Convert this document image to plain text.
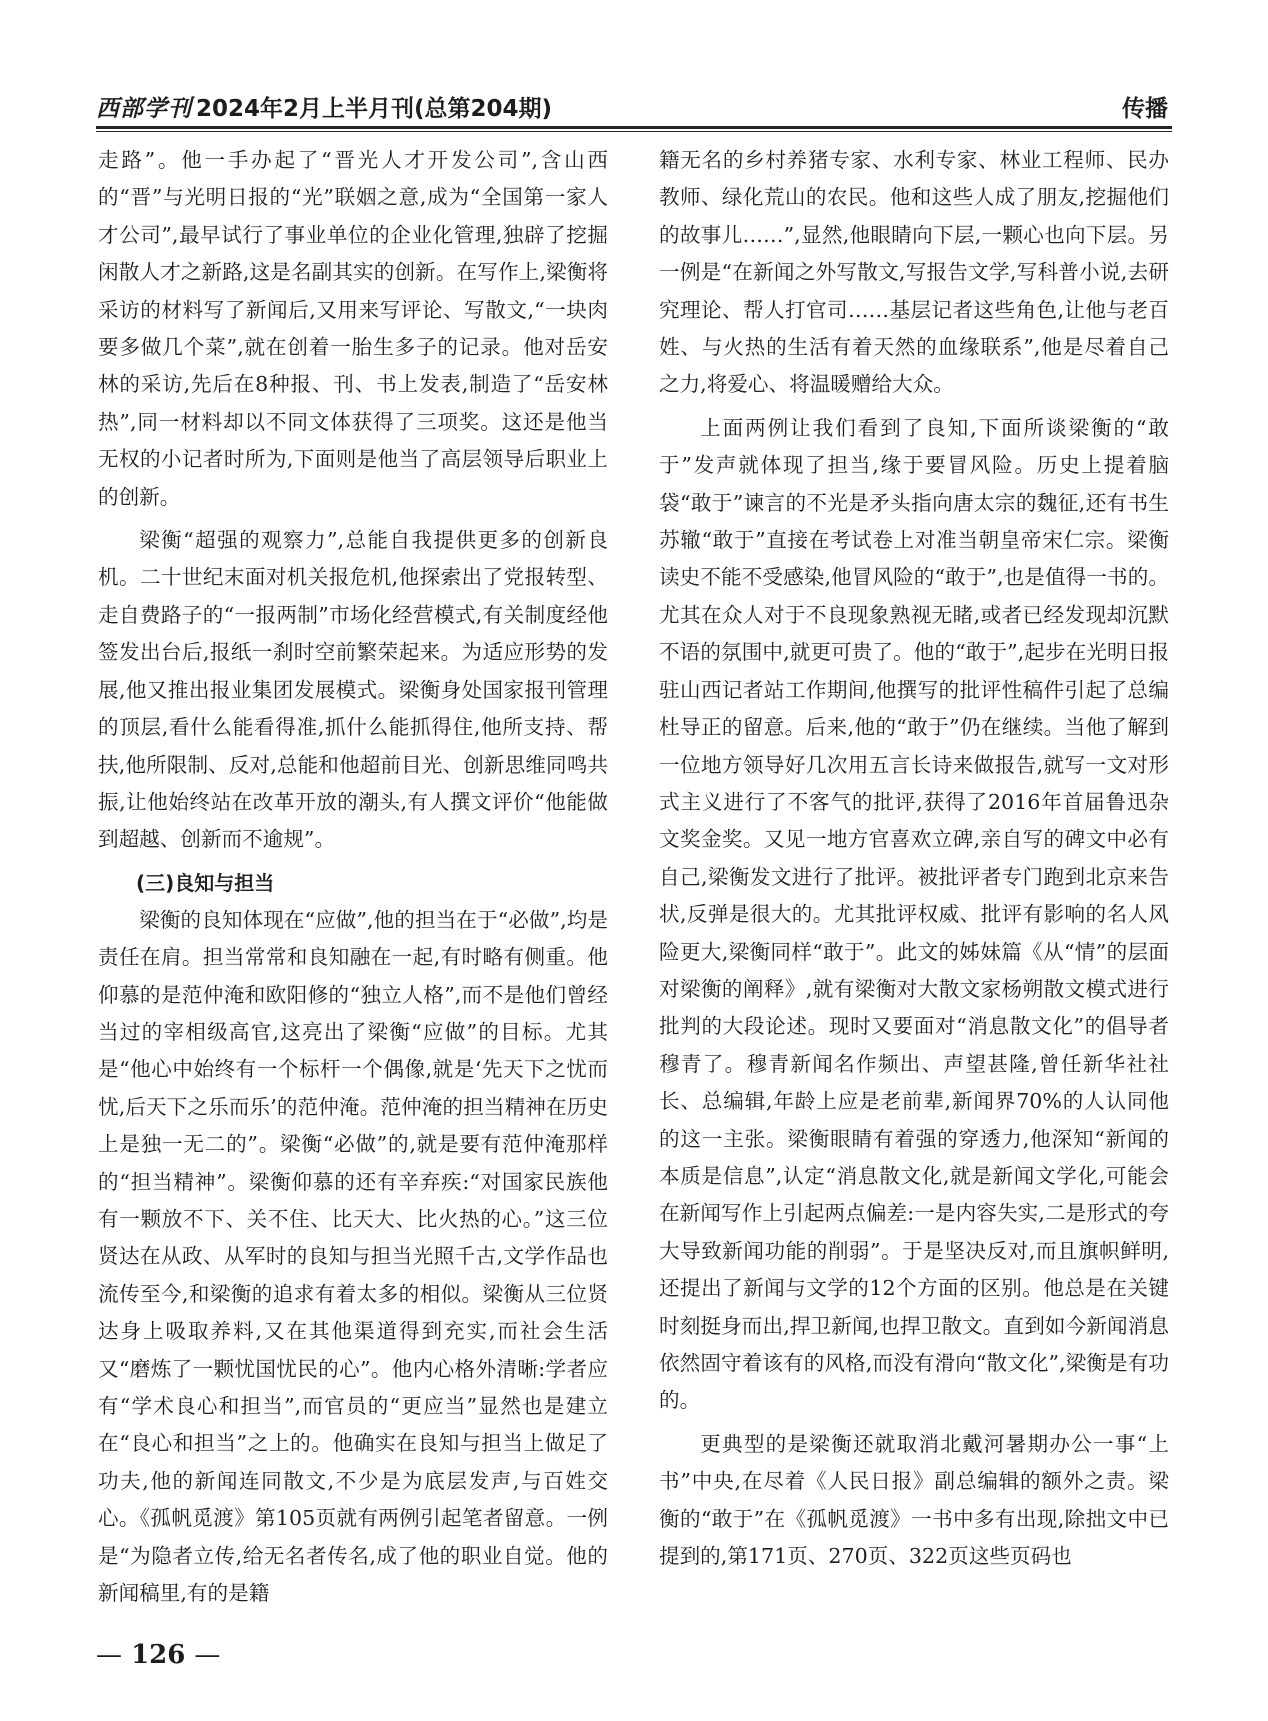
西部学刊 2024年2月上半月刊(总第204期)	传播

走路”。他一手办起了“晋光人才开发公司”,含山西的“晋”与光明日报的“光”联姻之意,成为“全国第一家人才公司”,最早试行了事业单位的企业化管理,独辟了挖掘闲散人才之新路,这是名副其实的创新。在写作上,梁衡将采访的材料写了新闻后,又用来写评论、写散文,“一块肉要多做几个菜”,就在创着一胎生多子的记录。他对岳安林的采访,先后在8种报、刊、书上发表,制造了“岳安林热”,同一材料却以不同文体获得了三项奖。这还是他当无权的小记者时所为,下面则是他当了高层领导后职业上的创新。

梁衡“超强的观察力”,总能自我提供更多的创新良机。二十世纪末面对机关报危机,他探索出了党报转型、走自费路子的“一报两制”市场化经营模式,有关制度经他签发出台后,报纸一刹时空前繁荣起来。为适应形势的发展,他又推出报业集团发展模式。梁衡身处国家报刊管理的顶层,看什么能看得准,抓什么能抓得住,他所支持、帮扶,他所限制、反对,总能和他超前目光、创新思维同鸣共振,让他始终站在改革开放的潮头,有人撰文评价“他能做到超越、创新而不逾规”。

(三)良知与担当

梁衡的良知体现在“应做”,他的担当在于“必做”,均是责任在肩。担当常常和良知融在一起,有时略有侧重。他仰慕的是范仲淹和欧阳修的“独立人格”,而不是他们曾经当过的宰相级高官,这亮出了梁衡“应做”的目标。尤其是“他心中始终有一个标杆一个偶像,就是‘先天下之忧而忧,后天下之乐而乐’的范仲淹。范仲淹的担当精神在历史上是独一无二的”。梁衡“必做”的,就是要有范仲淹那样的“担当精神”。梁衡仰慕的还有辛弃疾:“对国家民族他有一颗放不下、关不住、比天大、比火热的心。”这三位贤达在从政、从军时的良知与担当光照千古,文学作品也流传至今,和梁衡的追求有着太多的相似。梁衡从三位贤达身上吸取养料,又在其他渠道得到充实,而社会生活又“磨炼了一颗忧国忧民的心”。他内心格外清晰:学者应有“学术良心和担当”,而官员的“更应当”显然也是建立在“良心和担当”之上的。他确实在良知与担当上做足了功夫,他的新闻连同散文,不少是为底层发声,与百姓交心。《孤帆觅渡》第105页就有两例引起笔者留意。一例是“为隐者立传,给无名者传名,成了他的职业自觉。他的新闻稿里,有的是籍

籍无名的乡村养猪专家、水利专家、林业工程师、民办教师、绿化荒山的农民。他和这些人成了朋友,挖掘他们的故事儿……”,显然,他眼睛向下层,一颗心也向下层。另一例是“在新闻之外写散文,写报告文学,写科普小说,去研究理论、帮人打官司……基层记者这些角色,让他与老百姓、与火热的生活有着天然的血缘联系”,他是尽着自己之力,将爱心、将温暖赠给大众。

上面两例让我们看到了良知,下面所谈梁衡的“敢于”发声就体现了担当,缘于要冒风险。历史上提着脑袋“敢于”谏言的不光是矛头指向唐太宗的魏征,还有书生苏辙“敢于”直接在考试卷上对准当朝皇帝宋仁宗。梁衡读史不能不受感染,他冒风险的“敢于”,也是值得一书的。尤其在众人对于不良现象熟视无睹,或者已经发现却沉默不语的氛围中,就更可贵了。他的“敢于”,起步在光明日报驻山西记者站工作期间,他撰写的批评性稿件引起了总编杜导正的留意。后来,他的“敢于”仍在继续。当他了解到一位地方领导好几次用五言长诗来做报告,就写一文对形式主义进行了不客气的批评,获得了2016年首届鲁迅杂文奖金奖。又见一地方官喜欢立碑,亲自写的碑文中必有自己,梁衡发文进行了批评。被批评者专门跑到北京来告状,反弹是很大的。尤其批评权威、批评有影响的名人风险更大,梁衡同样“敢于”。此文的姊妹篇《从“情”的层面对梁衡的阐释》,就有梁衡对大散文家杨朔散文模式进行批判的大段论述。现时又要面对“消息散文化”的倡导者穆青了。穆青新闻名作频出、声望甚隆,曾任新华社社长、总编辑,年龄上应是老前辈,新闻界70%的人认同他的这一主张。梁衡眼睛有着强的穿透力,他深知“新闻的本质是信息”,认定“消息散文化,就是新闻文学化,可能会在新闻写作上引起两点偏差:一是内容失实,二是形式的夸大导致新闻功能的削弱”。于是坚决反对,而且旗帜鲜明,还提出了新闻与文学的12个方面的区别。他总是在关键时刻挺身而出,捍卫新闻,也捍卫散文。直到如今新闻消息依然固守着该有的风格,而没有滑向“散文化”,梁衡是有功的。

更典型的是梁衡还就取消北戴河暑期办公一事“上书”中央,在尽着《人民日报》副总编辑的额外之责。梁衡的“敢于”在《孤帆觅渡》一书中多有出现,除拙文中已提到的,第171页、270页、322页这些页码也

— 126 —
